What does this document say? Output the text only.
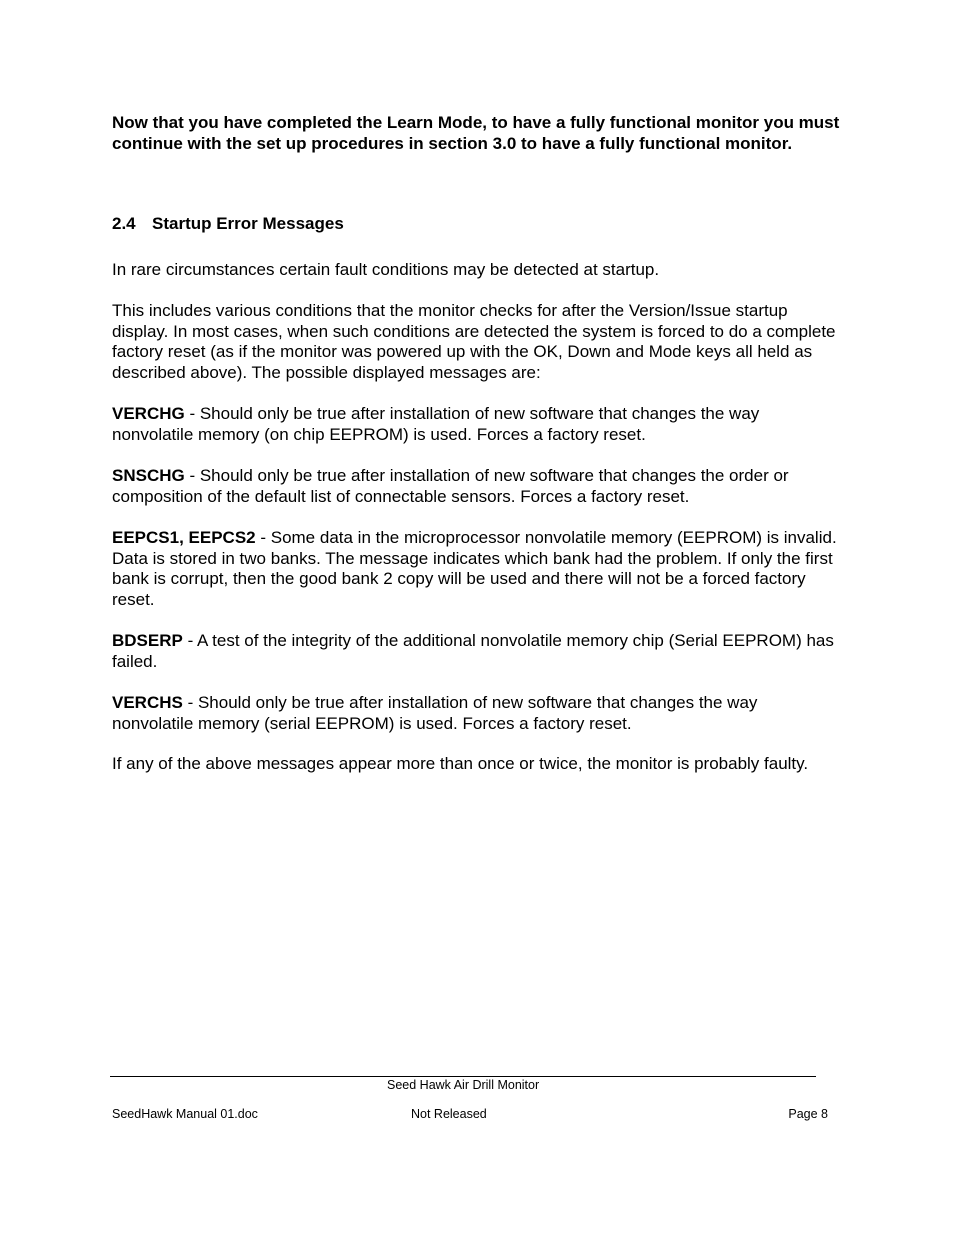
Now that you have completed the Learn Mode, to have a fully functional monitor you must continue with the set up procedures in section 3.0 to have a fully functional monitor.

2.4 Startup Error Messages

In rare circumstances certain fault conditions may be detected at startup.

This includes various conditions that the monitor checks for after the Version/Issue startup display. In most cases, when such conditions are detected the system is forced to do a complete factory reset (as if the monitor was powered up with the OK, Down and Mode keys all held as described above). The possible displayed messages are:

VERCHG - Should only be true after installation of new software that changes the way nonvolatile memory (on chip EEPROM) is used. Forces a factory reset.

SNSCHG - Should only be true after installation of new software that changes the order or composition of the default list of connectable sensors. Forces a factory reset.

EEPCS1, EEPCS2 - Some data in the microprocessor nonvolatile memory (EEPROM) is invalid. Data is stored in two banks. The message indicates which bank had the problem. If only the first bank is corrupt, then the good bank 2 copy will be used and there will not be a forced factory reset.

BDSERP - A test of the integrity of the additional nonvolatile memory chip (Serial EEPROM) has failed.

VERCHS - Should only be true after installation of new software that changes the way nonvolatile memory (serial EEPROM) is used. Forces a factory reset.

If any of the above messages appear more than once or twice, the monitor is probably faulty.

Seed Hawk Air Drill Monitor
SeedHawk Manual 01.doc	Not Released	Page 8
